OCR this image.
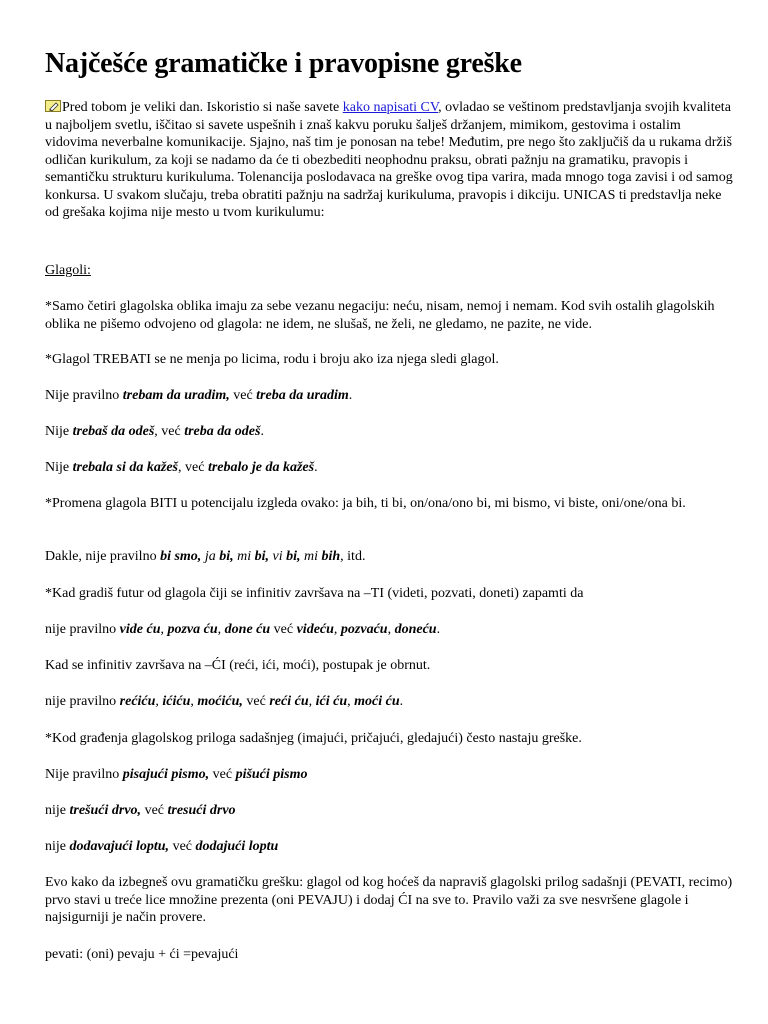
Najčešće gramatičke i pravopisne greške

Pred tobom je veliki dan. Iskoristio si naše savete kako napisati CV, ovladao se veštinom predstavljanja svojih kvaliteta u najboljem svetlu, iščitao si savete uspešnih i znaš kakvu poruku šalješ držanjem, mimikom, gestovima i ostalim vidovima neverbalne komunikacije. Sjajno, naš tim je ponosan na tebe! Međutim, pre nego što zaključiš da u rukama držiš odličan kurikulum, za koji se nadamo da će ti obezbediti neophodnu praksu, obrati pažnju na gramatiku, pravopis i semantičku strukturu kurikuluma. Tolenancija poslodavaca na greške ovog tipa varira, mada mnogo toga zavisi i od samog konkursa. U svakom slučaju, treba obratiti pažnju na sadržaj kurikuluma, pravopis i dikciju. UNICAS ti predstavlja neke od grešaka kojima nije mesto u tvom kurikulumu:

Glagoli:

*Samo četiri glagolska oblika imaju za sebe vezanu negaciju: neću, nisam, nemoj i nemam. Kod svih ostalih glagolskih oblika ne pišemo odvojeno od glagola: ne idem, ne slušaš, ne želi, ne gledamo, ne pazite, ne vide.

*Glagol TREBATI se ne menja po licima, rodu i broju ako iza njega sledi glagol.

Nije pravilno trebam da uradim, već treba da uradim.

Nije trebaš da odeš, već treba da odeš.

Nije trebala si da kažeš, već trebalo je da kažeš.

*Promena glagola BITI u potencijalu izgleda ovako: ja bih, ti bi, on/ona/ono bi, mi bismo, vi biste, oni/one/ona bi.

Dakle, nije pravilno bi smo, ja bi, mi bi, vi bi, mi bih, itd.

*Kad gradiš futur od glagola čiji se infinitiv završava na –TI (videti, pozvati, doneti) zapamti da

nije pravilno vide ću, pozva ću, done ću već videću, pozvaću, doneću.

Kad se infinitiv završava na –ĆI (reći, ići, moći), postupak je obrnut.

nije pravilno rećiću, ićiću, moćiću, već reći ću, ići ću, moći ću.

*Kod građenja glagolskog priloga sadašnjeg (imajući, pričajući, gledajući) često nastaju greške.

Nije pravilno pisajući pismo, već pišući pismo

nije trešući drvo, već tresući drvo

nije dodavajući loptu, već dodajući loptu

Evo kako da izbegneš ovu gramatičku grešku: glagol od kog hoćeš da napraviš glagolski prilog sadašnji (PEVATI, recimo) prvo stavi u treće lice množine prezenta (oni PEVAJU) i dodaj ĆI na sve to. Pravilo važi za sve nesvršene glagole i najsigurniji je način provere.

pevati: (oni) pevaju + ći =pevajući
